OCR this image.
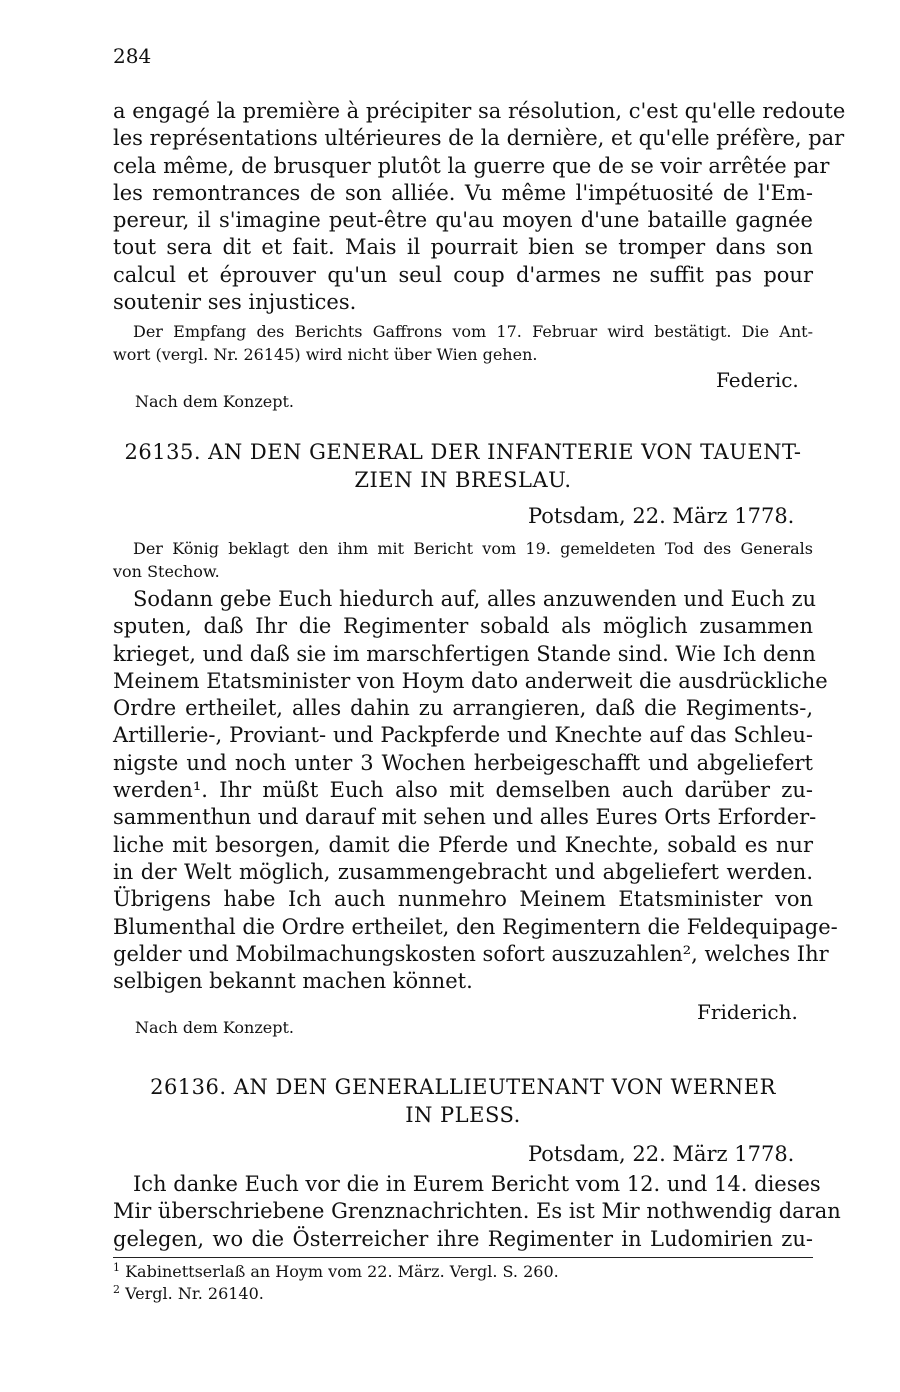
284
a engagé la première à précipiter sa résolution, c'est qu'elle redoute
les représentations ultérieures de la dernière, et qu'elle préfère, par
cela même, de brusquer plutôt la guerre que de se voir arrêtée par
les remontrances de son alliée. Vu même l'impétuosité de l'Em-
pereur, il s'imagine peut-être qu'au moyen d'une bataille gagnée
tout sera dit et fait. Mais il pourrait bien se tromper dans son
calcul et éprouver qu'un seul coup d'armes ne suffit pas pour
soutenir ses injustices.
Der Empfang des Berichts Gaffrons vom 17. Februar wird bestätigt. Die Ant-
wort (vergl. Nr. 26145) wird nicht über Wien gehen.
Federic.
Nach dem Konzept.
26135. AN DEN GENERAL DER INFANTERIE VON TAUENT-
ZIEN IN BRESLAU.
Potsdam, 22. März 1778.
Der König beklagt den ihm mit Bericht vom 19. gemeldeten Tod des Generals
von Stechow.
Sodann gebe Euch hiedurch auf, alles anzuwenden und Euch zu
sputen, daß Ihr die Regimenter sobald als möglich zusammen
krieget, und daß sie im marschfertigen Stande sind. Wie Ich denn
Meinem Etatsminister von Hoym dato anderweit die ausdrückliche
Ordre ertheilet, alles dahin zu arrangieren, daß die Regiments-,
Artillerie-, Proviant- und Packpferde und Knechte auf das Schleu-
nigste und noch unter 3 Wochen herbeigeschafft und abgeliefert
werden¹. Ihr müßt Euch also mit demselben auch darüber zu-
sammenthun und darauf mit sehen und alles Eures Orts Erforder-
liche mit besorgen, damit die Pferde und Knechte, sobald es nur
in der Welt möglich, zusammengebracht und abgeliefert werden.
Übrigens habe Ich auch nunmehro Meinem Etatsminister von
Blumenthal die Ordre ertheilet, den Regimentern die Feldequipage-
gelder und Mobilmachungskosten sofort auszuzahlen², welches Ihr
selbigen bekannt machen könnet.
Friderich.
Nach dem Konzept.
26136. AN DEN GENERALLIEUTENANT VON WERNER
IN PLESS.
Potsdam, 22. März 1778.
Ich danke Euch vor die in Eurem Bericht vom 12. und 14. dieses
Mir überschriebene Grenznachrichten. Es ist Mir nothwendig daran
gelegen, wo die Österreicher ihre Regimenter in Ludomirien zu-
$^1$ Kabinettserlaß an Hoym vom 22. März. Vergl. S. 260.
$^2$ Vergl. Nr. 26140.
